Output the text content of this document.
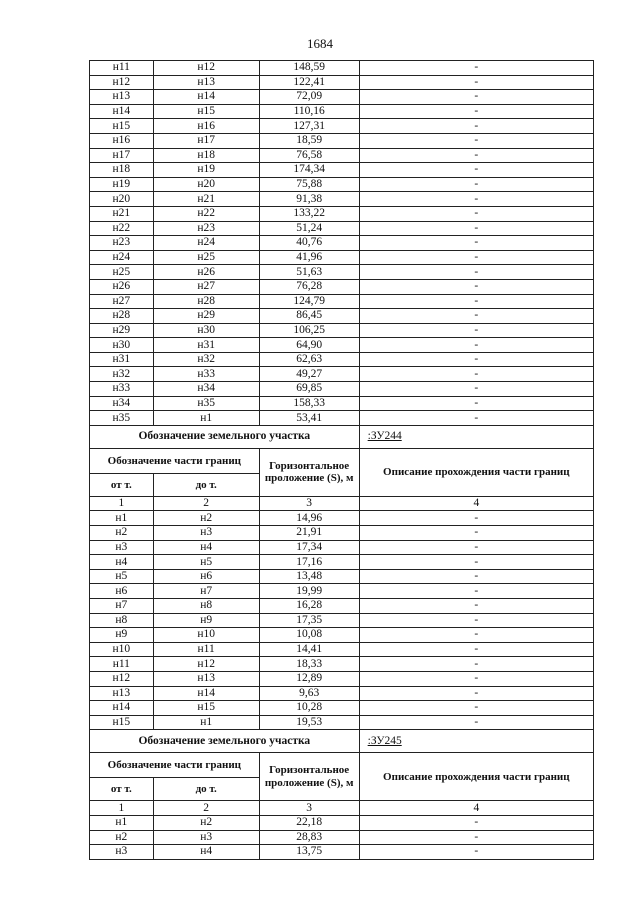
1684
н11	н12	148,59	-
н12	н13	122,41	-
н13	н14	72,09	-
н14	н15	110,16	-
н15	н16	127,31	-
н16	н17	18,59	-
н17	н18	76,58	-
н18	н19	174,34	-
н19	н20	75,88	-
н20	н21	91,38	-
н21	н22	133,22	-
н22	н23	51,24	-
н23	н24	40,76	-
н24	н25	41,96	-
н25	н26	51,63	-
н26	н27	76,28	-
н27	н28	124,79	-
н28	н29	86,45	-
н29	н30	106,25	-
н30	н31	64,90	-
н31	н32	62,63	-
н32	н33	49,27	-
н33	н34	69,85	-
н34	н35	158,33	-
н35	н1	53,41	-
Обозначение земельного участка			:ЗУ244
Обозначение части границ		Горизонтальное проложение (S), м	Описание прохождения части границ
от т.	до т.		
1	2	3	4
н1	н2	14,96	-
н2	н3	21,91	-
н3	н4	17,34	-
н4	н5	17,16	-
н5	н6	13,48	-
н6	н7	19,99	-
н7	н8	16,28	-
н8	н9	17,35	-
н9	н10	10,08	-
н10	н11	14,41	-
н11	н12	18,33	-
н12	н13	12,89	-
н13	н14	9,63	-
н14	н15	10,28	-
н15	н1	19,53	-
Обозначение земельного участка			:ЗУ245
Обозначение части границ		Горизонтальное проложение (S), м	Описание прохождения части границ
от т.	до т.		
1	2	3	4
н1	н2	22,18	-
н2	н3	28,83	-
н3	н4	13,75	-
